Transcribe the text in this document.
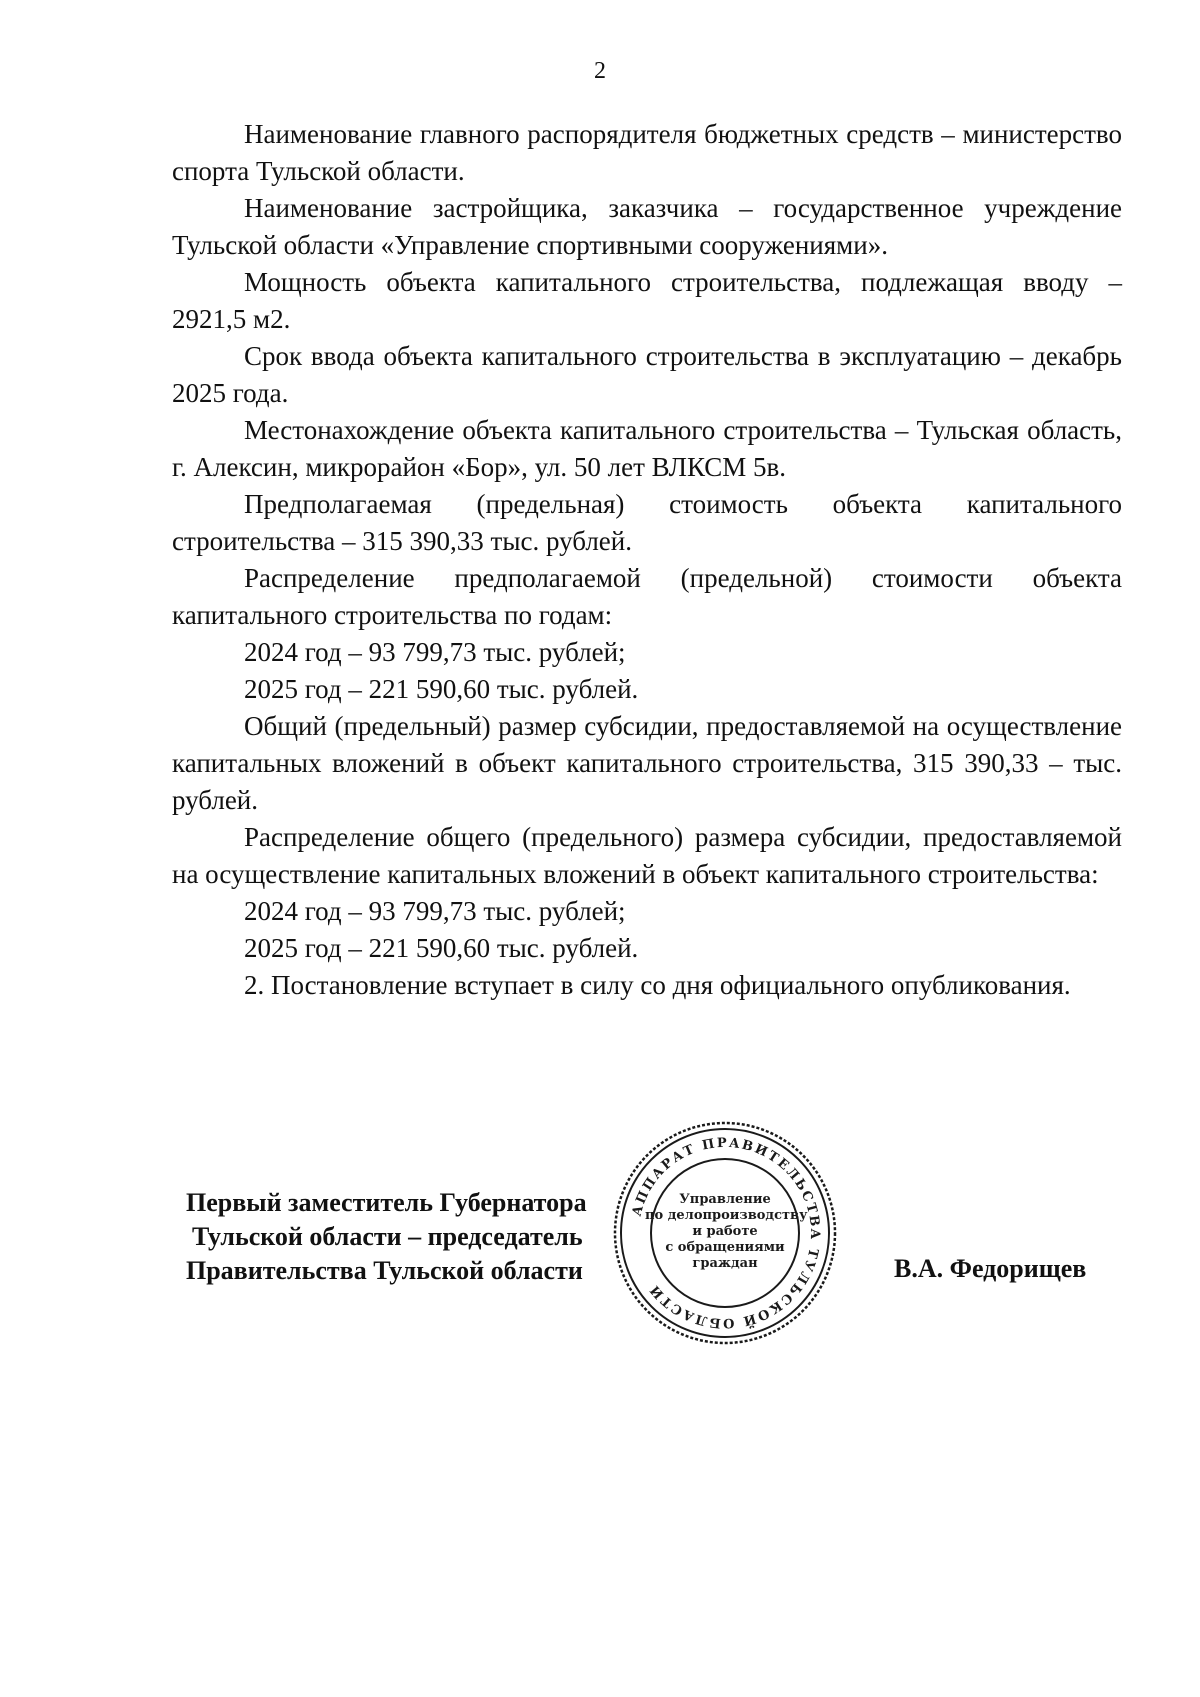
2

Наименование главного распорядителя бюджетных средств – министерство спорта Тульской области.

Наименование застройщика, заказчика – государственное учреждение Тульской области «Управление спортивными сооружениями».

Мощность объекта капитального строительства, подлежащая вводу – 2921,5 м2.

Срок ввода объекта капитального строительства в эксплуатацию – декабрь 2025 года.

Местонахождение объекта капитального строительства – Тульская область, г. Алексин, микрорайон «Бор», ул. 50 лет ВЛКСМ 5в.

Предполагаемая (предельная) стоимость объекта капитального строительства – 315 390,33 тыс. рублей.

Распределение предполагаемой (предельной) стоимости объекта капитального строительства по годам:

2024 год – 93 799,73 тыс. рублей;

2025 год – 221 590,60 тыс. рублей.

Общий (предельный) размер субсидии, предоставляемой на осуществление капитальных вложений в объект капитального строительства, 315 390,33 – тыс. рублей.

Распределение общего (предельного) размера субсидии, предоставляемой на осуществление капитальных вложений в объект капитального строительства:

2024 год – 93 799,73 тыс. рублей;

2025 год – 221 590,60 тыс. рублей.

2. Постановление вступает в силу со дня официального опубликования.

Первый заместитель Губернатора
Тульской области – председатель
Правительства Тульской области
АППАРАТ ПРАВИТЕЛЬСТВА ТУЛЬСКОЙ ОБЛАСТИ
Управление
по делопроизводству
и работе
с обращениями
граждан	В.А. Федорищев
